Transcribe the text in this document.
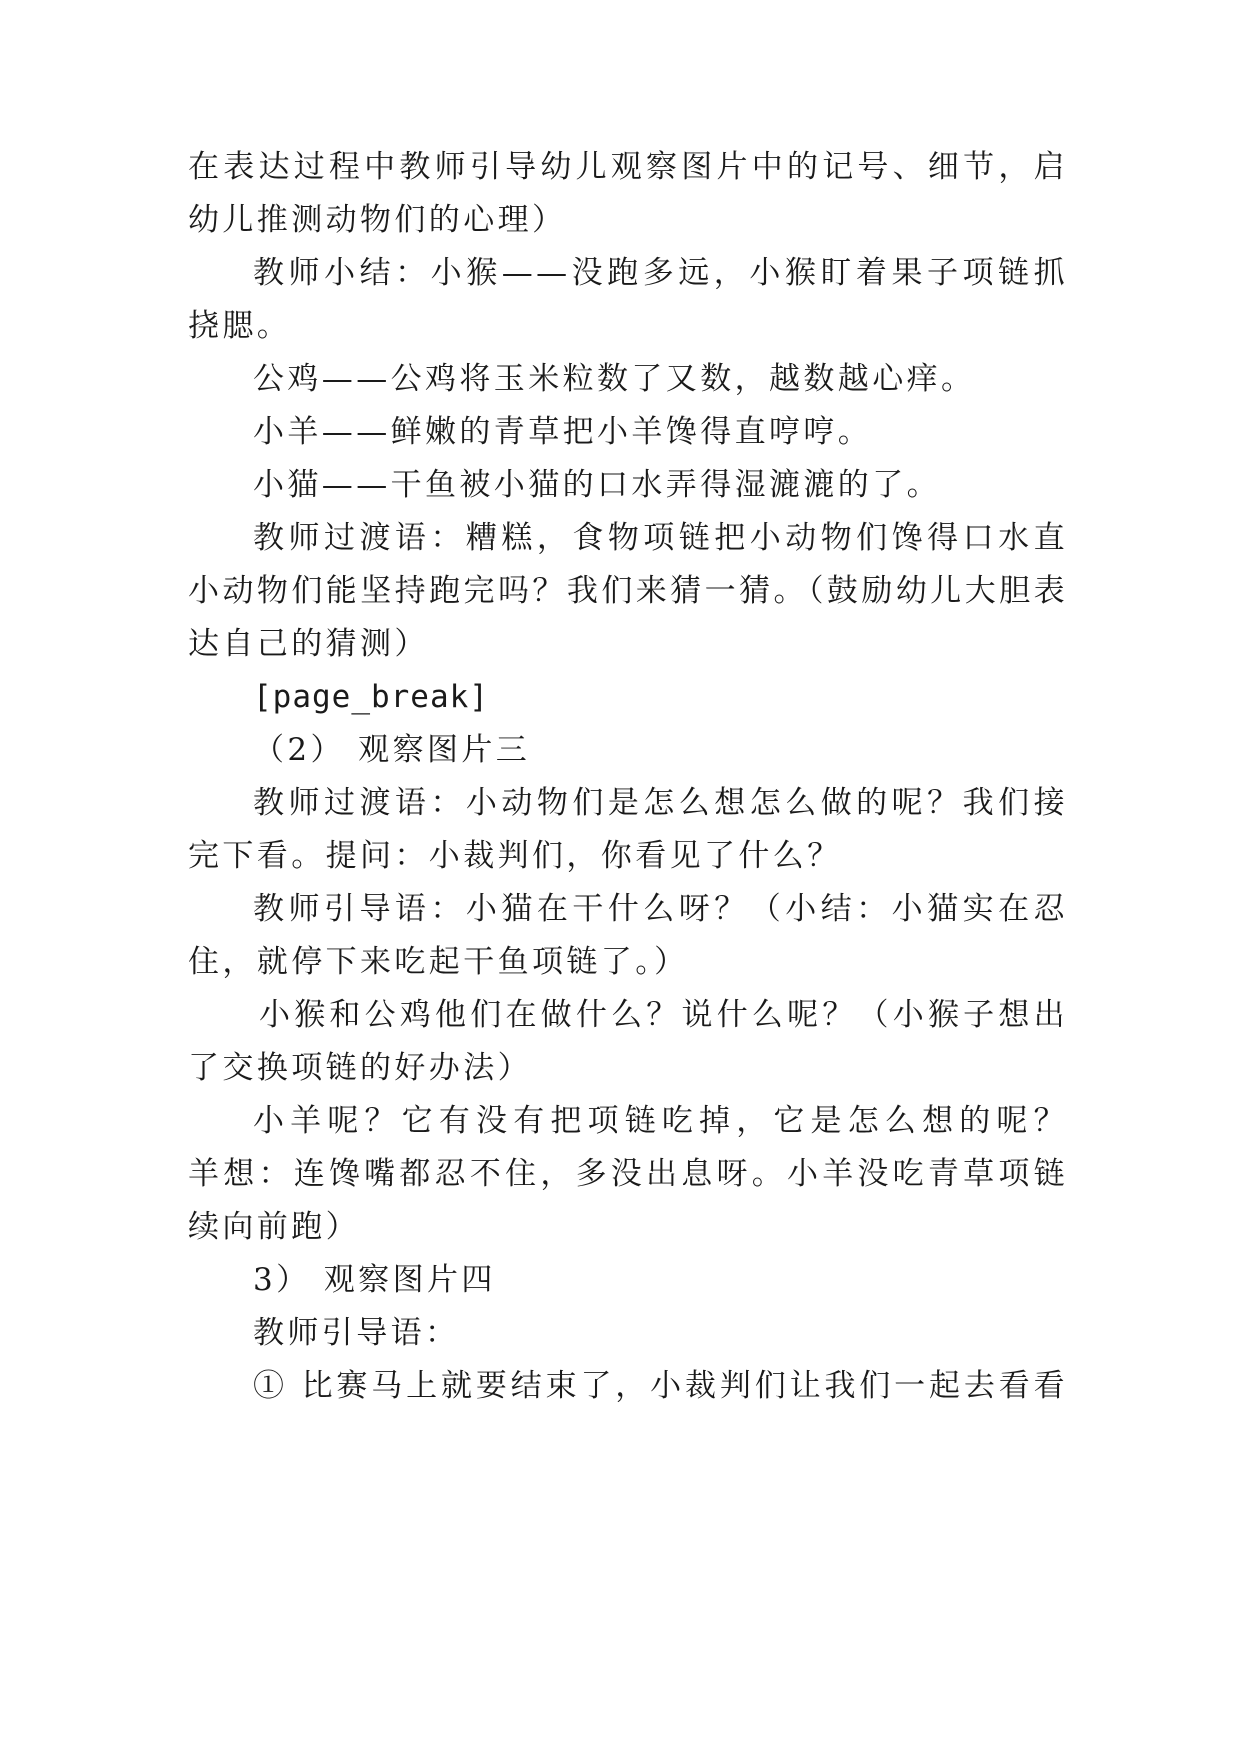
在表达过程中教师引导幼儿观察图片中的记号、细节，启
幼儿推测动物们的心理）
教师小结：小猴——没跑多远，小猴盯着果子项链抓
挠腮。
公鸡——公鸡将玉米粒数了又数，越数越心痒。
小羊——鲜嫩的青草把小羊馋得直哼哼。
小猫——干鱼被小猫的口水弄得湿漉漉的了。
教师过渡语：糟糕，食物项链把小动物们馋得口水直
小动物们能坚持跑完吗？我们来猜一猜。（鼓励幼儿大胆表
达自己的猜测）
[page_break]
（2） 观察图片三
教师过渡语：小动物们是怎么想怎么做的呢？我们接
完下看。提问：小裁判们，你看见了什么？
教师引导语：小猫在干什么呀？（小结：小猫实在忍
住，就停下来吃起干鱼项链了。）
小猴和公鸡他们在做什么？说什么呢？（小猴子想出
了交换项链的好办法）
小羊呢？它有没有把项链吃掉，它是怎么想的呢？
羊想：连馋嘴都忍不住，多没出息呀。小羊没吃青草项链
续向前跑）
3） 观察图片四
教师引导语：
① 比赛马上就要结束了，小裁判们让我们一起去看看
